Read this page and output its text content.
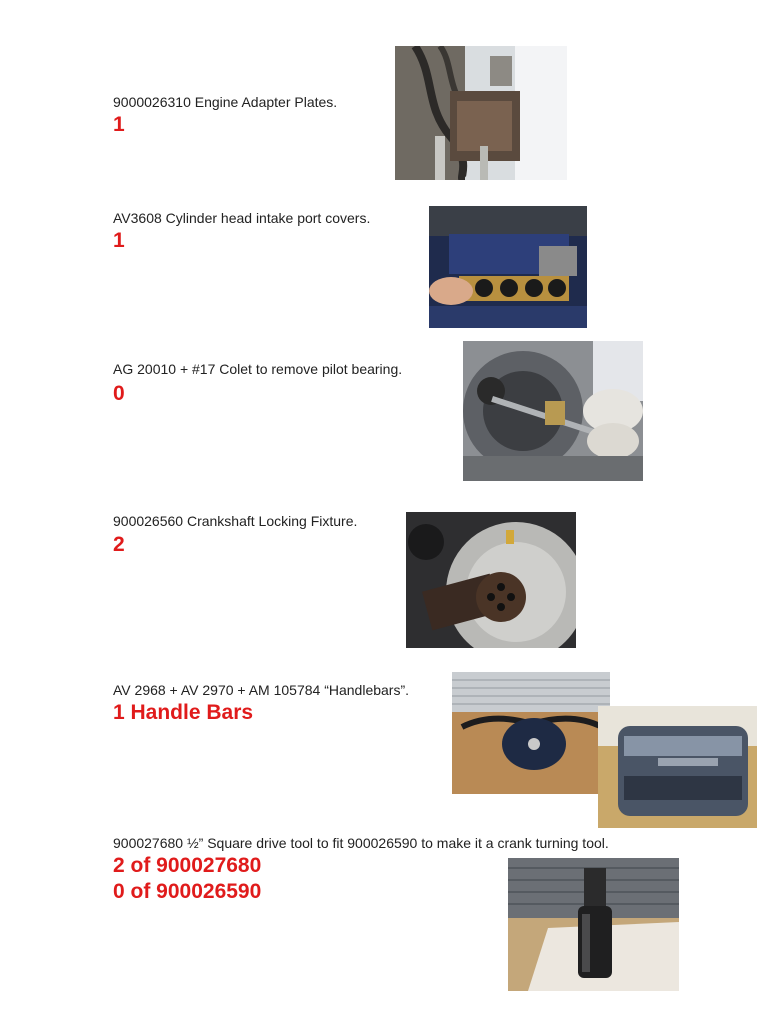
9000026310 Engine Adapter Plates.
1
AV3608 Cylinder head intake port covers.
1
AG 20010 + #17 Colet to remove pilot bearing.
0
900026560 Crankshaft Locking Fixture.
2
AV 2968 + AV 2970 + AM 105784 “Handlebars”.
1 Handle Bars
900027680 ½” Square drive tool to fit 900026590 to make it a crank turning tool.
2 of 900027680
0 of 900026590
